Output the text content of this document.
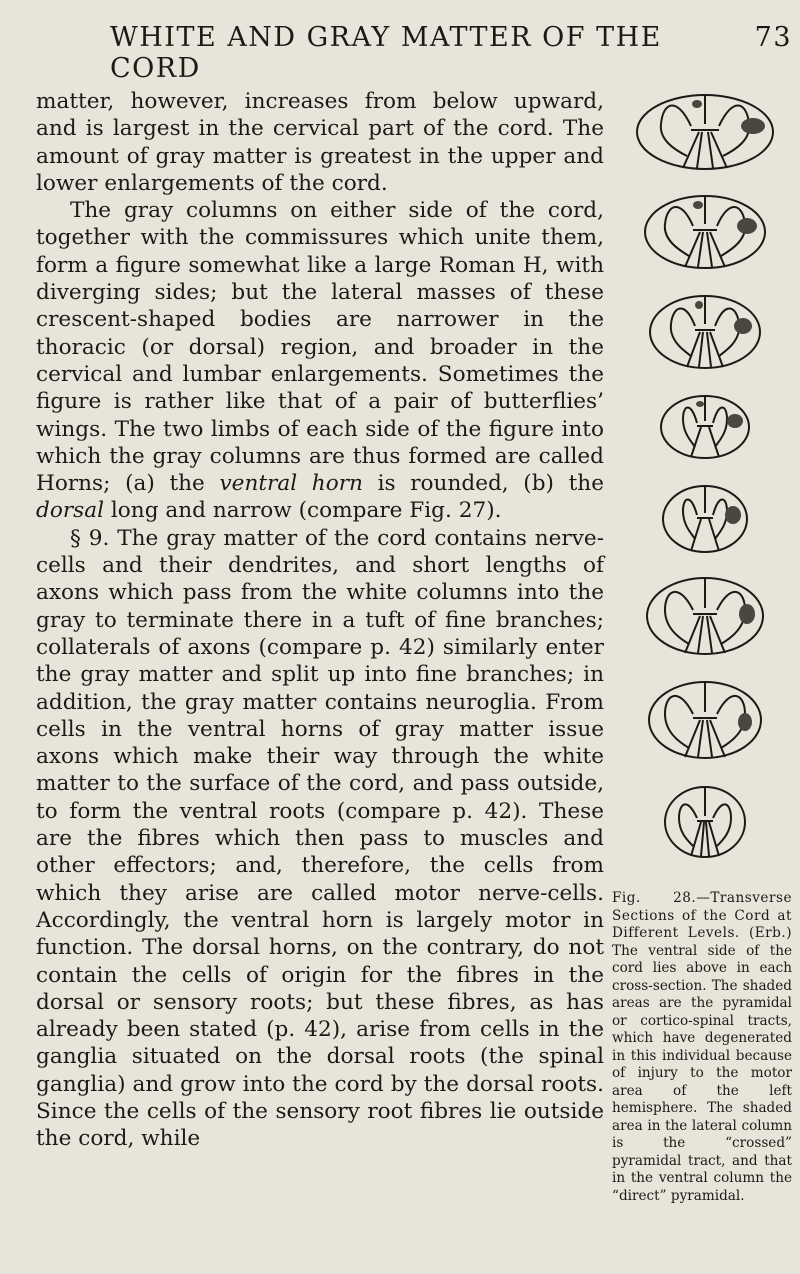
WHITE AND GRAY MATTER OF THE CORD
73

matter, however, increases from below upward, and is largest in the cervical part of the cord. The amount of gray matter is greatest in the upper and lower enlargements of the cord.

The gray columns on either side of the cord, together with the commissures which unite them, form a figure somewhat like a large Roman H, with diverging sides; but the lateral masses of these crescent-shaped bodies are narrower in the thoracic (or dorsal) region, and broader in the cervical and lumbar enlargements. Sometimes the figure is rather like that of a pair of butterflies’ wings. The two limbs of each side of the figure into which the gray columns are thus formed are called Horns; (a) the ventral horn is rounded, (b) the dorsal long and narrow (compare Fig. 27).

§ 9. The gray matter of the cord contains nerve-cells and their dendrites, and short lengths of axons which pass from the white columns into the gray to terminate there in a tuft of fine branches; collaterals of axons (compare p. 42) similarly enter the gray matter and split up into fine branches; in addition, the gray matter contains neuroglia. From cells in the ventral horns of gray matter issue axons which make their way through the white matter to the surface of the cord, and pass outside, to form the ventral roots (compare p. 42). These are the fibres which then pass to muscles and other effectors; and, therefore, the cells from which they arise are called motor nerve-cells. Accordingly, the ventral horn is largely motor in function. The dorsal horns, on the contrary, do not contain the cells of origin for the fibres in the dorsal or sensory roots; but these fibres, as has already been stated (p. 42), arise from cells in the ganglia situated on the dorsal roots (the spinal ganglia) and grow into the cord by the dorsal roots. Since the cells of the sensory root fibres lie outside the cord, while

Fig. 28.—Transverse Sections of the Cord at Different Levels. (Erb.) The ventral side of the cord lies above in each cross-section. The shaded areas are the pyramidal or cortico-spinal tracts, which have degenerated in this individual because of injury to the motor area of the left hemisphere. The shaded area in the lateral column is the “crossed” pyramidal tract, and that in the ventral column the “direct” pyramidal.
